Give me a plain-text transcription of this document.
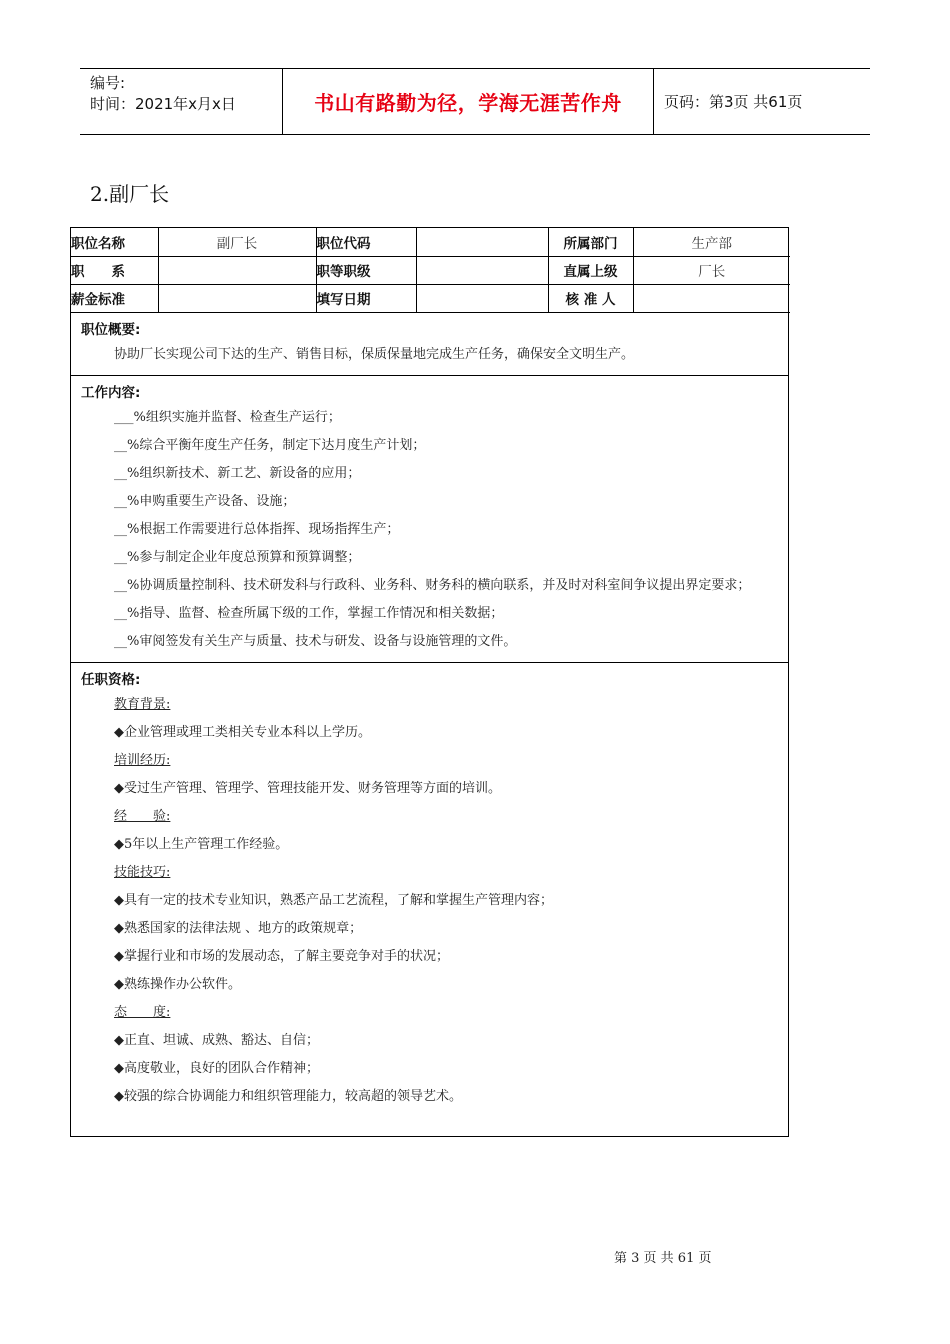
编号:
时间：2021年x月x日	书山有路勤为径，学海无涯苦作舟	页码：第3页 共61页
2.副厂长
职位名称	副厂长	职位代码		所属部门	生产部
职　　系		职等职级		直属上级	厂长
薪金标准		填写日期		核 准 人	
职位概要:
协助厂长实现公司下达的生产、销售目标，保质保量地完成生产任务，确保安全文明生产。
工作内容:
___%组织实施并监督、检查生产运行；
__%综合平衡年度生产任务，制定下达月度生产计划；
__%组织新技术、新工艺、新设备的应用；
__%申购重要生产设备、设施；
__%根据工作需要进行总体指挥、现场指挥生产；
__%参与制定企业年度总预算和预算调整；
__%协调质量控制科、技术研发科与行政科、业务科、财务科的横向联系，并及时对科室间争议提出界定要求；
__%指导、监督、检查所属下级的工作，掌握工作情况和相关数据；
__%审阅签发有关生产与质量、技术与研发、设备与设施管理的文件。
任职资格:
教育背景:
◆企业管理或理工类相关专业本科以上学历。
培训经历:
◆受过生产管理、管理学、管理技能开发、财务管理等方面的培训。
经　　验:
◆5年以上生产管理工作经验。
技能技巧:
◆具有一定的技术专业知识，熟悉产品工艺流程，了解和掌握生产管理内容；
◆熟悉国家的法律法规 、地方的政策规章；
◆掌握行业和市场的发展动态，了解主要竞争对手的状况；
◆熟练操作办公软件。
态　　度:
◆正直、坦诚、成熟、豁达、自信；
◆高度敬业，良好的团队合作精神；
◆较强的综合协调能力和组织管理能力，较高超的领导艺术。
第 3 页 共 61 页
